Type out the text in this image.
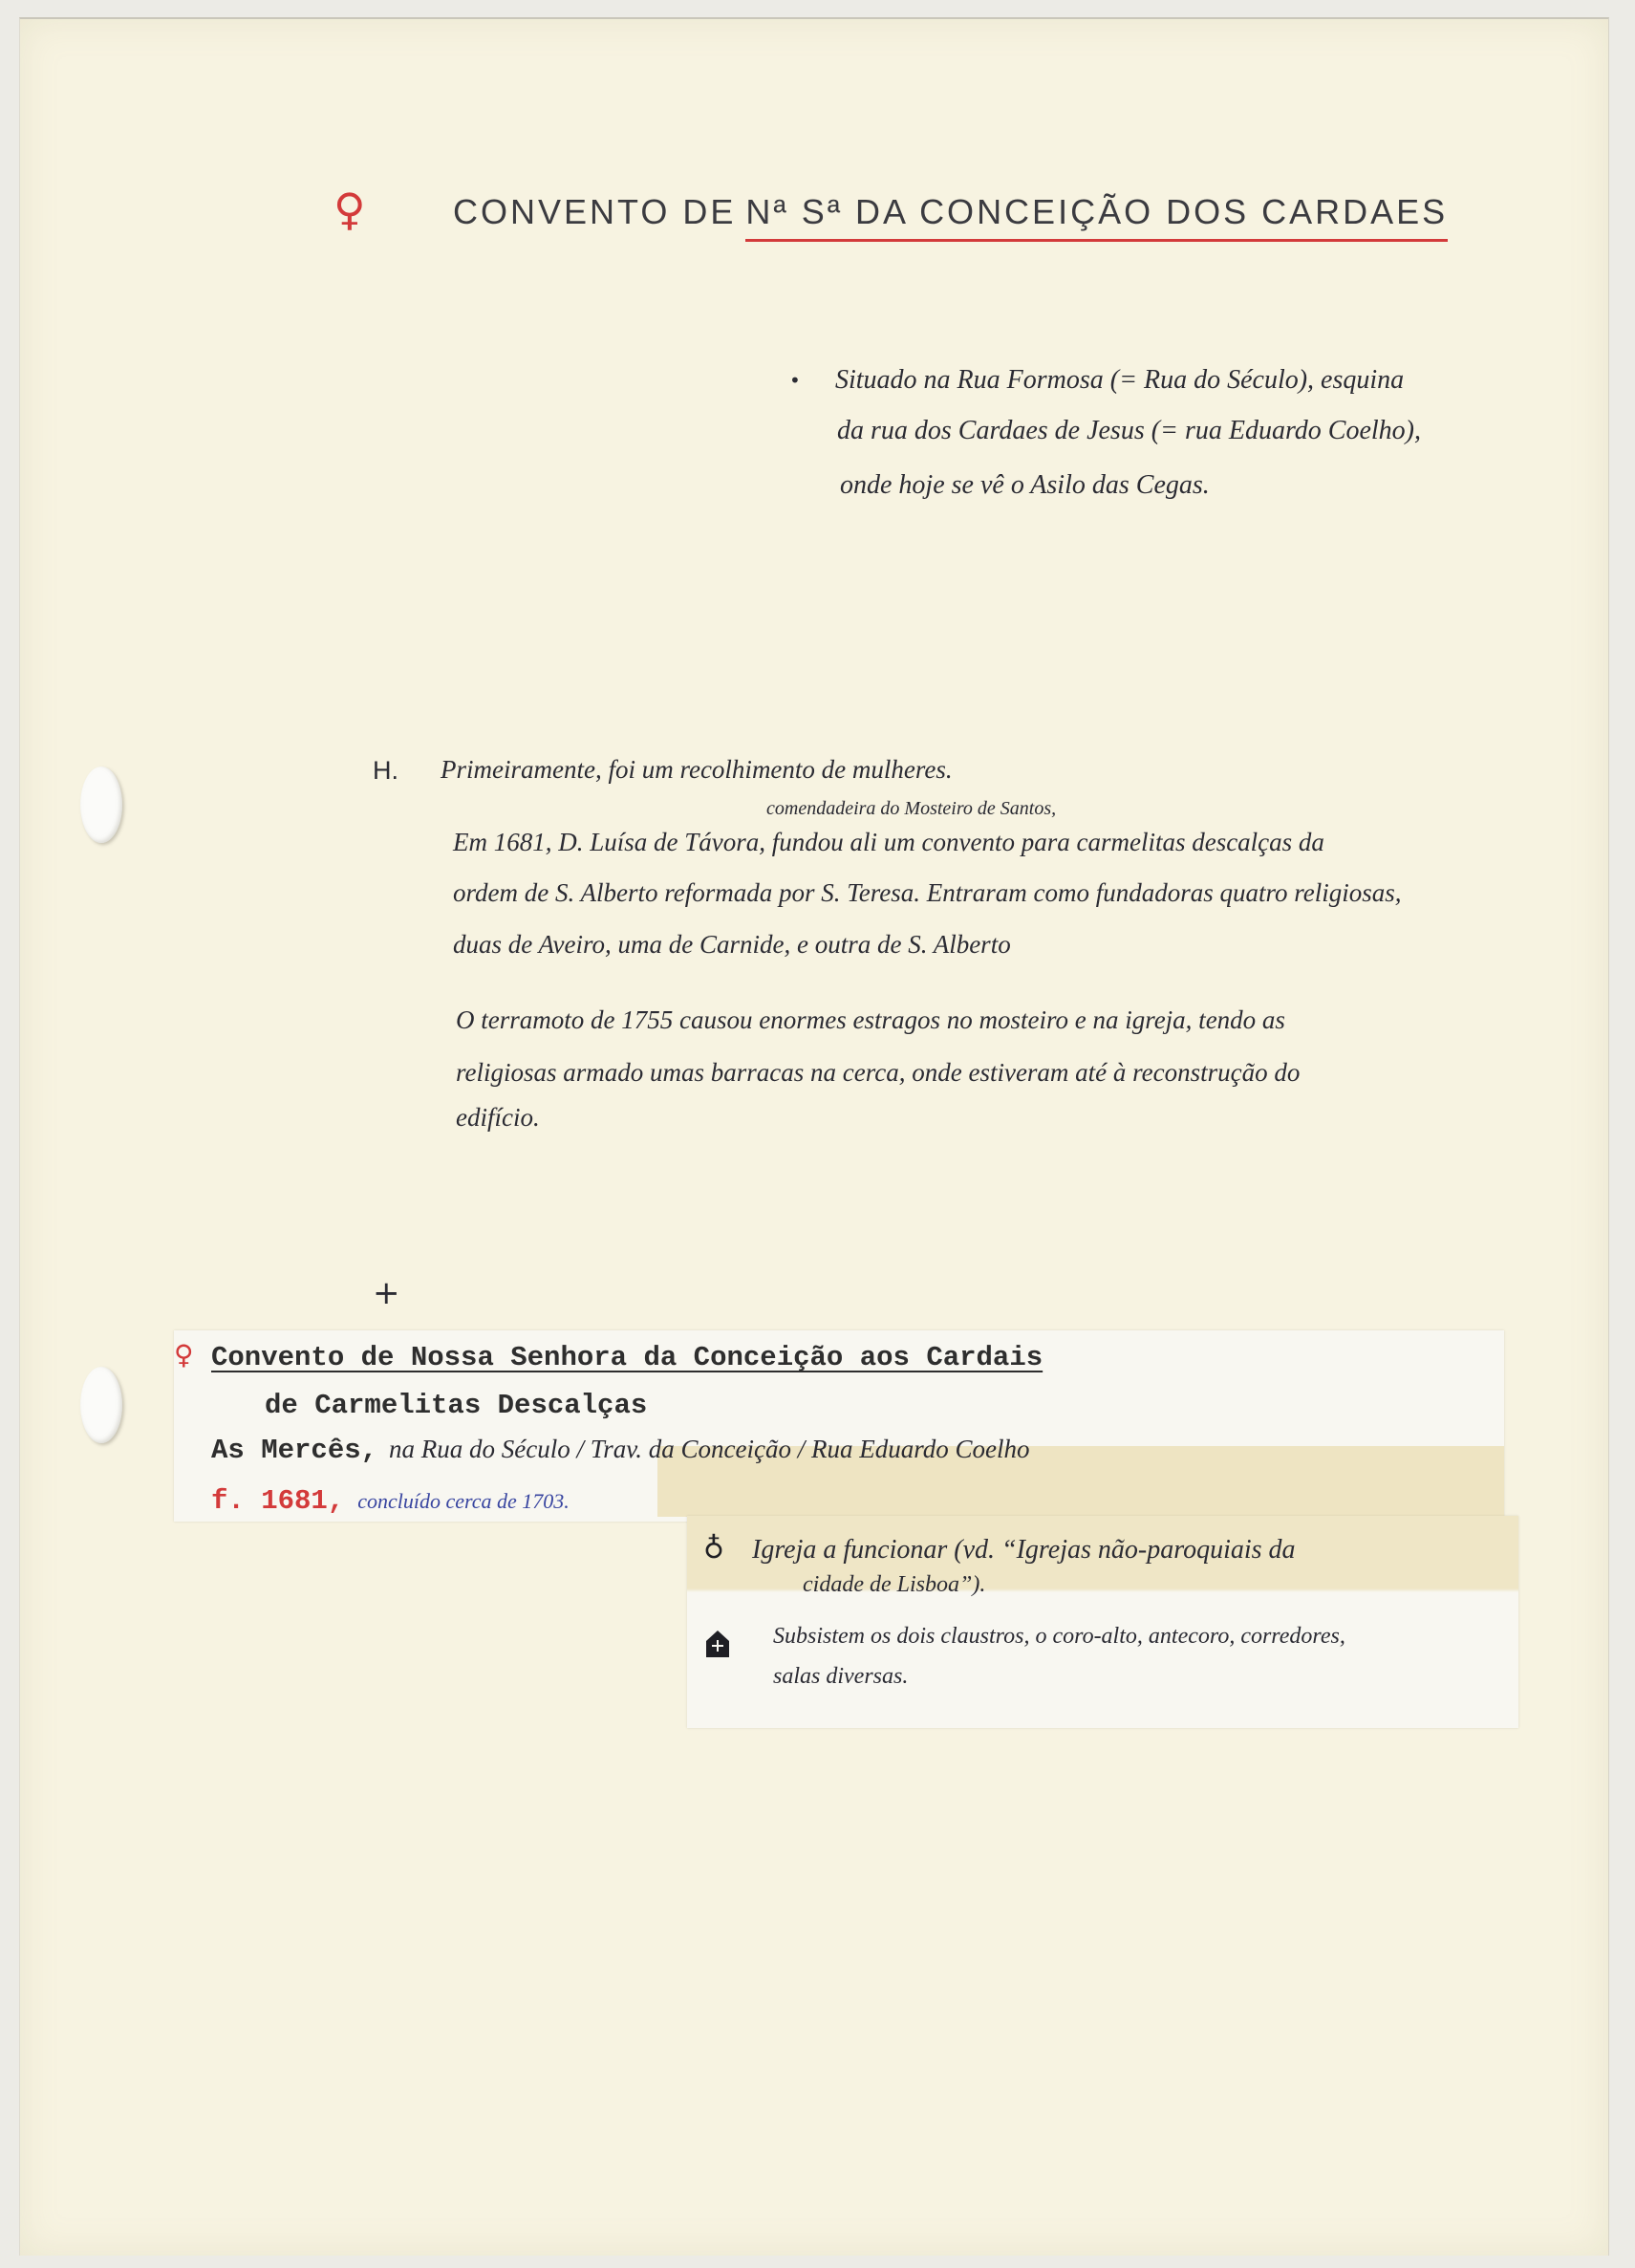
♀	CONVENTO DE Nª Sª DA CONCEIÇÃO DOS CARDAES
• Situado na Rua Formosa (= Rua do Século), esquina
da rua dos Cardaes de Jesus (= rua Eduardo Coelho),
onde hoje se vê o Asilo das Cegas.
H. Primeiramente, foi um recolhimento de mulheres.
comendadeira do Mosteiro de Santos,
Em 1681, D. Luísa de Távora, fundou ali um convento para carmelitas descalças da
ordem de S. Alberto reformada por S. Teresa. Entraram como fundadoras quatro religiosas,
duas de Aveiro, uma de Carnide, e outra de S. Alberto
O terramoto de 1755 causou enormes estragos no mosteiro e na igreja, tendo as
religiosas armado umas barracas na cerca, onde estiveram até à reconstrução do
edifício.
+
♀ Convento de Nossa Senhora da Conceição aos Cardais
de Carmelitas Descalças
As Mercês, na Rua do Século / Trav. da Conceição / Rua Eduardo Coelho
f. 1681, concluído cerca de 1703.
♁ Igreja a funcionar (vd. “Igrejas não-paroquiais da
cidade de Lisboa”).
Subsistem os dois claustros, o coro-alto, antecoro, corredores,
salas diversas.
